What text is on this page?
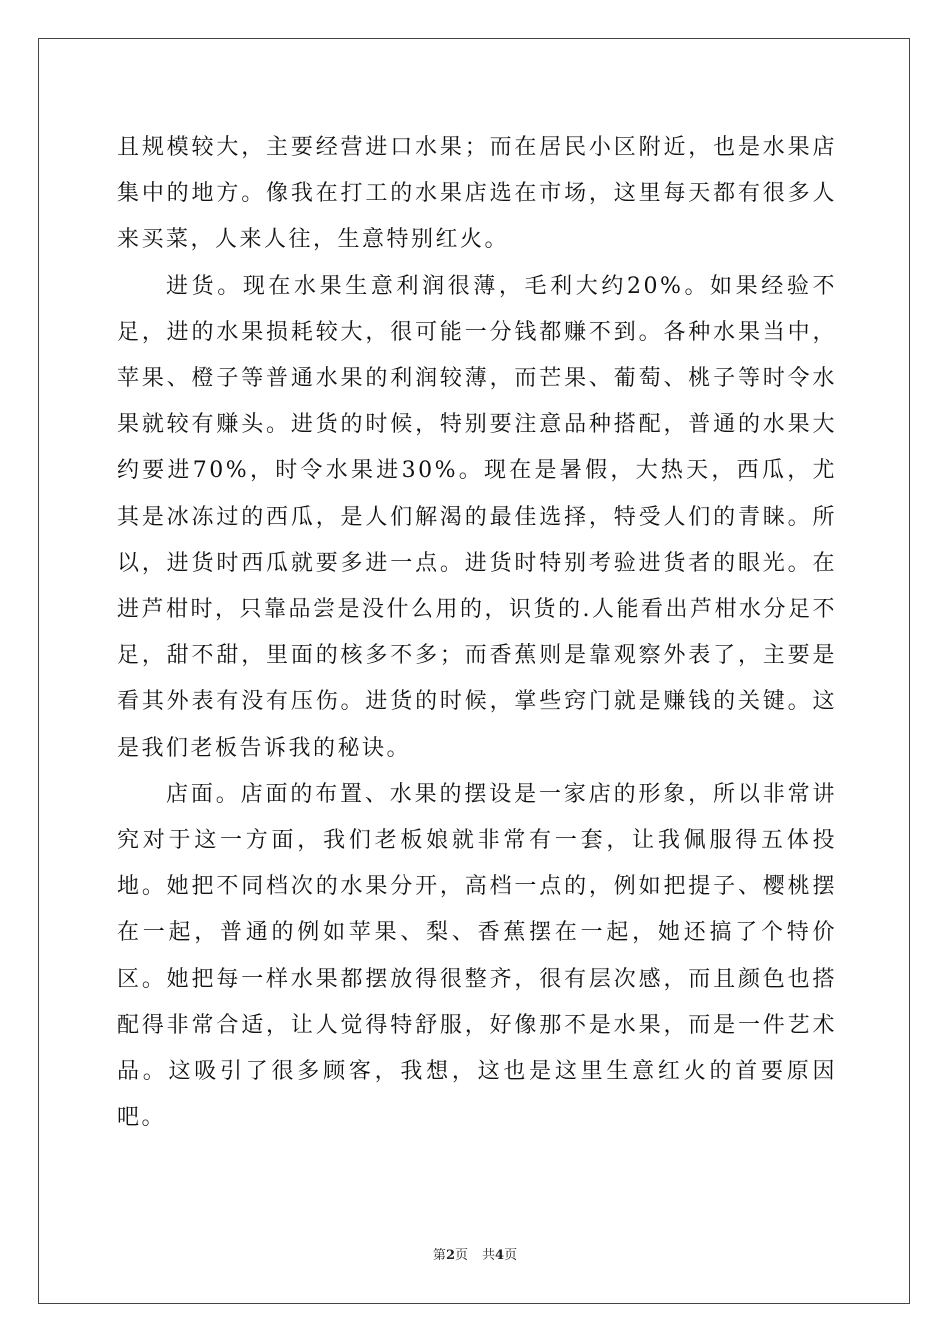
且规模较大，主要经营进口水果；而在居民小区附近，也是水果店集中的地方。像我在打工的水果店选在市场，这里每天都有很多人来买菜，人来人往，生意特别红火。

进货。现在水果生意利润很薄，毛利大约20%。如果经验不足，进的水果损耗较大，很可能一分钱都赚不到。各种水果当中，苹果、橙子等普通水果的利润较薄，而芒果、葡萄、桃子等时令水果就较有赚头。进货的时候，特别要注意品种搭配，普通的水果大约要进70%，时令水果进30%。现在是暑假，大热天，西瓜，尤其是冰冻过的西瓜，是人们解渴的最佳选择，特受人们的青睐。所以，进货时西瓜就要多进一点。进货时特别考验进货者的眼光。在进芦柑时，只靠品尝是没什么用的，识货的.人能看出芦柑水分足不足，甜不甜，里面的核多不多；而香蕉则是靠观察外表了，主要是看其外表有没有压伤。进货的时候，掌些窍门就是赚钱的关键。这是我们老板告诉我的秘诀。

店面。店面的布置、水果的摆设是一家店的形象，所以非常讲究对于这一方面，我们老板娘就非常有一套，让我佩服得五体投地。她把不同档次的水果分开，高档一点的，例如把提子、樱桃摆在一起，普通的例如苹果、梨、香蕉摆在一起，她还搞了个特价区。她把每一样水果都摆放得很整齐，很有层次感，而且颜色也搭配得非常合适，让人觉得特舒服，好像那不是水果，而是一件艺术品。这吸引了很多顾客，我想，这也是这里生意红火的首要原因吧。

第2页 共4页
